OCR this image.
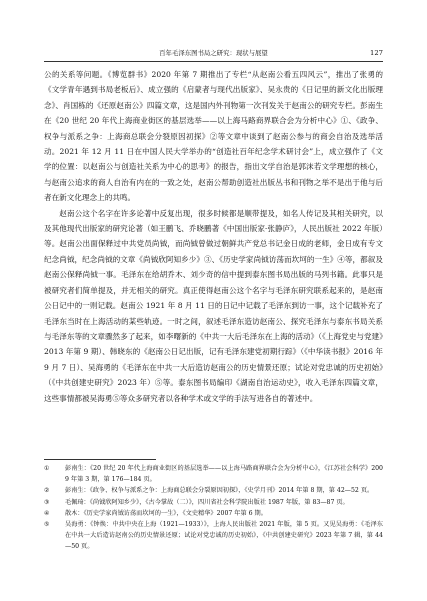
百年毛泽东图书局之研究：现状与展望	127

公的关系等问题。《博览群书》2020 年第 7 期推出了专栏“从赵南公看五四风云”，推出了张勇的《文学青年遇到书局老板后》、成立强的《启蒙者与现代出版家》、吴永贵的《日记里的新文化出版理念》、肖国栋的《还原赵南公》四篇文章，这是国内外刊物第一次刊发关于赵南公的研究专栏。彭南生在《20 世纪 20 年代上海商业街区的基层选举——以上海马路商界联合会为分析中心》①、《政争、权争与派系之争：上海商总联会分裂原因初探》②等文章中谈到了赵南公参与的商会自治及选举活动。2021 年 12 月 11 日在中国人民大学举办的“创造社百年纪念学术研讨会”上，成立强作了《文学的位置：以赵南公与创造社关系为中心的思考》的报告，指出文学自治是郭沫若文学理想的核心，与赵南公追求的商人自治有内在的一致之处，赵南公帮助创造社出版丛书和刊物之举不是出于他与后者在新文化理念上的共鸣。

赵南公这个名字在许多论著中反复出现，很多时候都是顺带提及，如名人传记及其相关研究，以及其他现代出版家的研究论著（如王鹏飞、乔晓鹏著《中国出版家·张静庐》，人民出版社 2022 年版）等。赵南公出面保释过中共党员尚钺，而尚钺曾做过朝鲜共产党总书记金日成的老师，金日成有专文纪念尚钺，纪念尚钺的文章《尚钺欣阿知乡少》③、《历史学家尚钺访荡而坎坷的一生》④等，都叙及赵南公保释尚钺一事。毛泽东在给胡乔木、刘少奇的信中提到泰东图书局出版的马列书籍。此事只是被研究者们简单提及，并无相关的研究。真正使得赵南公这个名字与毛泽东研究联系起来的，是赵南公日记中的一则记载。赵南公 1921 年 8 月 11 日的日记中记载了毛泽东到访一事，这个记载补充了毛泽东当时在上海活动的某些轨迹。一时之间，叙述毛泽东造访赵南公、探究毛泽东与泰东书局关系与毛泽东等的文章骤然多了起来，如李曙新的《中共一大后毛泽东在上海的活动》（《上海党史与党建》2013 年第 9 期）、韩晓东的《赵南公日记出版，记有毛泽东建党初期行踪》（《中华读书报》2016 年 9 月 7 日）、吴海勇的《毛泽东在中共一大后造访赵南公的历史情景还原；试论对党忠诚的历史初始》（《中共创建史研究》2023 年）⑤等。泰东图书局编印《湖南自治运动史》，收入毛泽东四篇文章，这些事情都被吴海勇⑤等众多研究者以各种学术或文学的手法写进各自的著述中。

① 彭南生：《20 世纪 20 年代上海商业街区的基层选举——以上海马路商界联合会为分析中心》，《江苏社会科学》2009 年第 3 期，第 176—184 页。
② 彭南生：《政争、权争与派系之争：上海商总联会分裂原因初探》，《史学月刊》2014 年第 8 期，第 42—52 页。
③ 毛佩琦：《尚钺欣阿知乡少》，《古今掌故（二）》，四川省社会科学院出版社 1987 年版，第 83—87 页。
④ 散木：《历史学家尚钺访荡而坎坷的一生》，《文史精华》2007 年第 6 期。
⑤ 吴海勇：《钟焕：中共中央在上海（1921—1933）》，上海人民出版社 2021 年版，第 5 页。又见吴海勇：《毛泽东在中共一大后造访赵南公的历史情景还原；试论对党忠诚的历史初始》，《中共创建史研究》2023 年第 7 辑，第 44—50 页。
